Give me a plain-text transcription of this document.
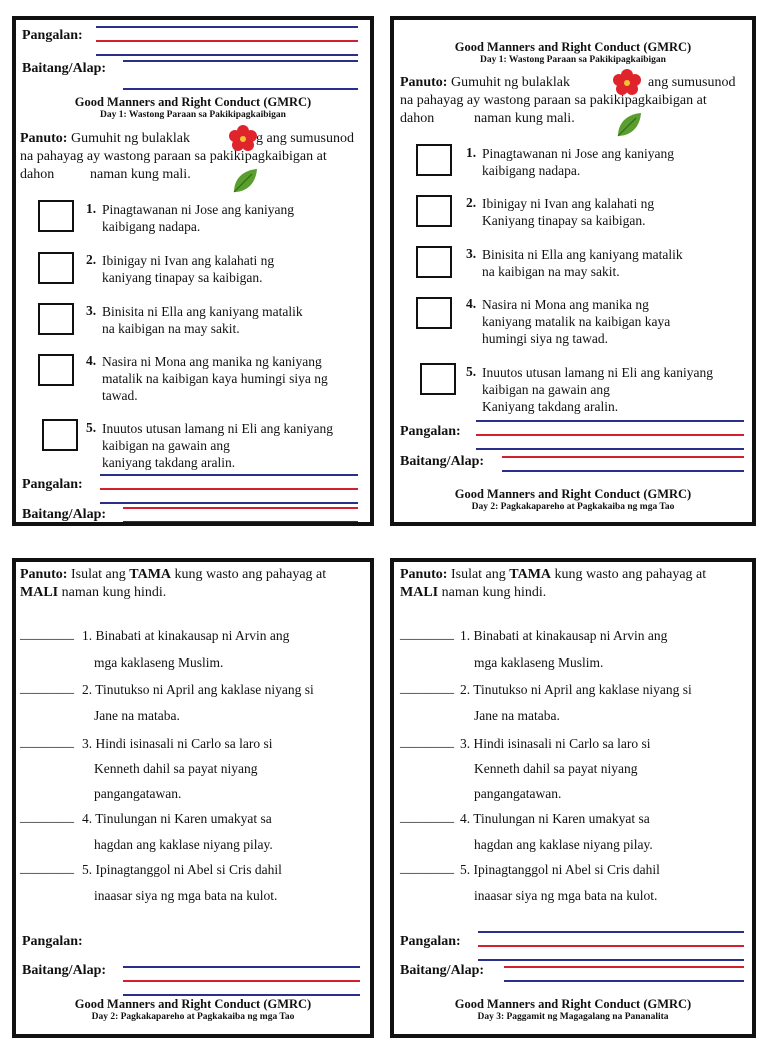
Pangalan:
Baitang/Alap:
Good Manners and Right Conduct (GMRC)
Day 1: Wastong Paraan sa Pakikipagkaibigan
Panuto: Gumuhit ng bulaklak	g ang sumusunod
na pahayag ay wastong paraan sa pakikipagkaibigan at
dahon	naman kung mali.
1. Pinagtawanan ni Jose ang kaniyang
kaibigang nadapa.
2. Ibinigay ni Ivan ang kalahati ng
kaniyang tinapay sa kaibigan.
3. Binisita ni Ella ang kaniyang matalik
na kaibigan na may sakit.
4. Nasira ni Mona ang manika ng kaniyang
matalik na kaibigan kaya humingi siya ng
tawad.
5. Inuutos utusan lamang ni Eli ang kaniyang
kaibigan na gawain ang
kaniyang takdang aralin.
Pangalan:
Baitang/Alap:
Good Manners and Right Conduct (GMRC)
Day 1: Wastong Paraan sa Pakikipagkaibigan
Panuto: Gumuhit ng bulaklak	ang sumusunod
na pahayag ay wastong paraan sa pakikipagkaibigan at
dahon	naman kung mali.
1. Pinagtawanan ni Jose ang kaniyang
kaibigang nadapa.
2. Ibinigay ni Ivan ang kalahati ng
Kaniyang tinapay sa kaibigan.
3. Binisita ni Ella ang kaniyang matalik
na kaibigan na may sakit.
4. Nasira ni Mona ang manika ng
kaniyang matalik na kaibigan kaya
humingi siya ng tawad.
5. Inuutos utusan lamang ni Eli ang kaniyang
kaibigan na gawain ang
Kaniyang takdang aralin.
Pangalan:
Baitang/Alap:
Good Manners and Right Conduct (GMRC)
Day 2: Pagkakapareho at Pagkakaiba ng mga Tao
Panuto: Isulat ang TAMA kung wasto ang pahayag at
MALI naman kung hindi.
________ 1. Binabati at kinakausap ni Arvin ang
mga kaklaseng Muslim.
________ 2. Tinutukso ni April ang kaklase niyang si
Jane na mataba.
________ 3. Hindi isinasali ni Carlo sa laro si
Kenneth dahil sa payat niyang
pangangatawan.
________ 4. Tinulungan ni Karen umakyat sa
hagdan ang kaklase niyang pilay.
________ 5. Ipinagtanggol ni Abel si Cris dahil
inaasar siya ng mga bata na kulot.
Pangalan:
Baitang/Alap:
Good Manners and Right Conduct (GMRC)
Day 2: Pagkakapareho at Pagkakaiba ng mga Tao
Panuto: Isulat ang TAMA kung wasto ang pahayag at
MALI naman kung hindi.
________ 1. Binabati at kinakausap ni Arvin ang
mga kaklaseng Muslim.
________ 2. Tinutukso ni April ang kaklase niyang si
Jane na mataba.
________ 3. Hindi isinasali ni Carlo sa laro si
Kenneth dahil sa payat niyang
pangangatawan.
________ 4. Tinulungan ni Karen umakyat sa
hagdan ang kaklase niyang pilay.
________ 5. Ipinagtanggol ni Abel si Cris dahil
inaasar siya ng mga bata na kulot.
Pangalan:
Baitang/Alap:
Good Manners and Right Conduct (GMRC)
Day 3: Paggamit ng Magagalang na Pananalita
